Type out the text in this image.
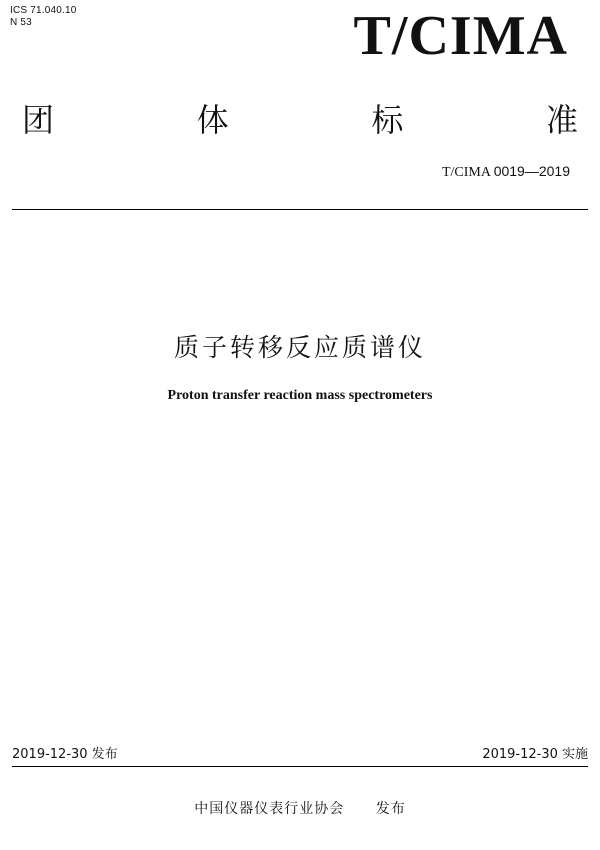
ICS 71.040.10
N 53	T/CIMA
团	体	标	准
T/CIMA 0019—2019
质子转移反应质谱仪
Proton transfer reaction mass spectrometers
2019-12-30 发布	2019-12-30 实施
中国仪器仪表行业协会 发布
